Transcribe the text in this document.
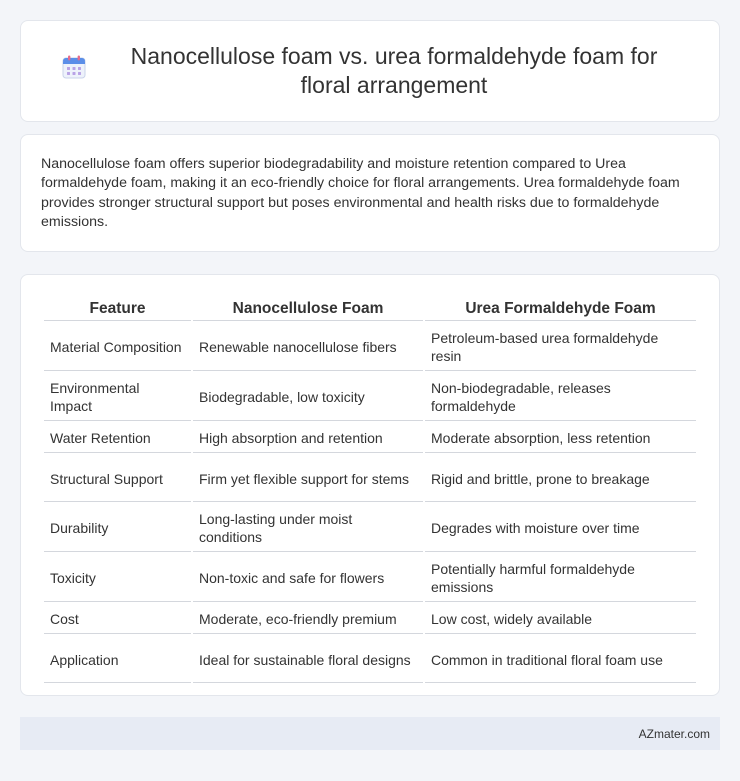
Nanocellulose foam vs. urea formaldehyde foam for floral arrangement

Nanocellulose foam offers superior biodegradability and moisture retention compared to Urea formaldehyde foam, making it an eco-friendly choice for floral arrangements. Urea formaldehyde foam provides stronger structural support but poses environmental and health risks due to formaldehyde emissions.

Feature	Nanocellulose Foam	Urea Formaldehyde Foam
Material Composition	Renewable nanocellulose fibers	Petroleum-based urea formaldehyde resin
Environmental Impact	Biodegradable, low toxicity	Non-biodegradable, releases formaldehyde
Water Retention	High absorption and retention	Moderate absorption, less retention
Structural Support	Firm yet flexible support for stems	Rigid and brittle, prone to breakage
Durability	Long-lasting under moist conditions	Degrades with moisture over time
Toxicity	Non-toxic and safe for flowers	Potentially harmful formaldehyde emissions
Cost	Moderate, eco-friendly premium	Low cost, widely available
Application	Ideal for sustainable floral designs	Common in traditional floral foam use
AZmater.com
